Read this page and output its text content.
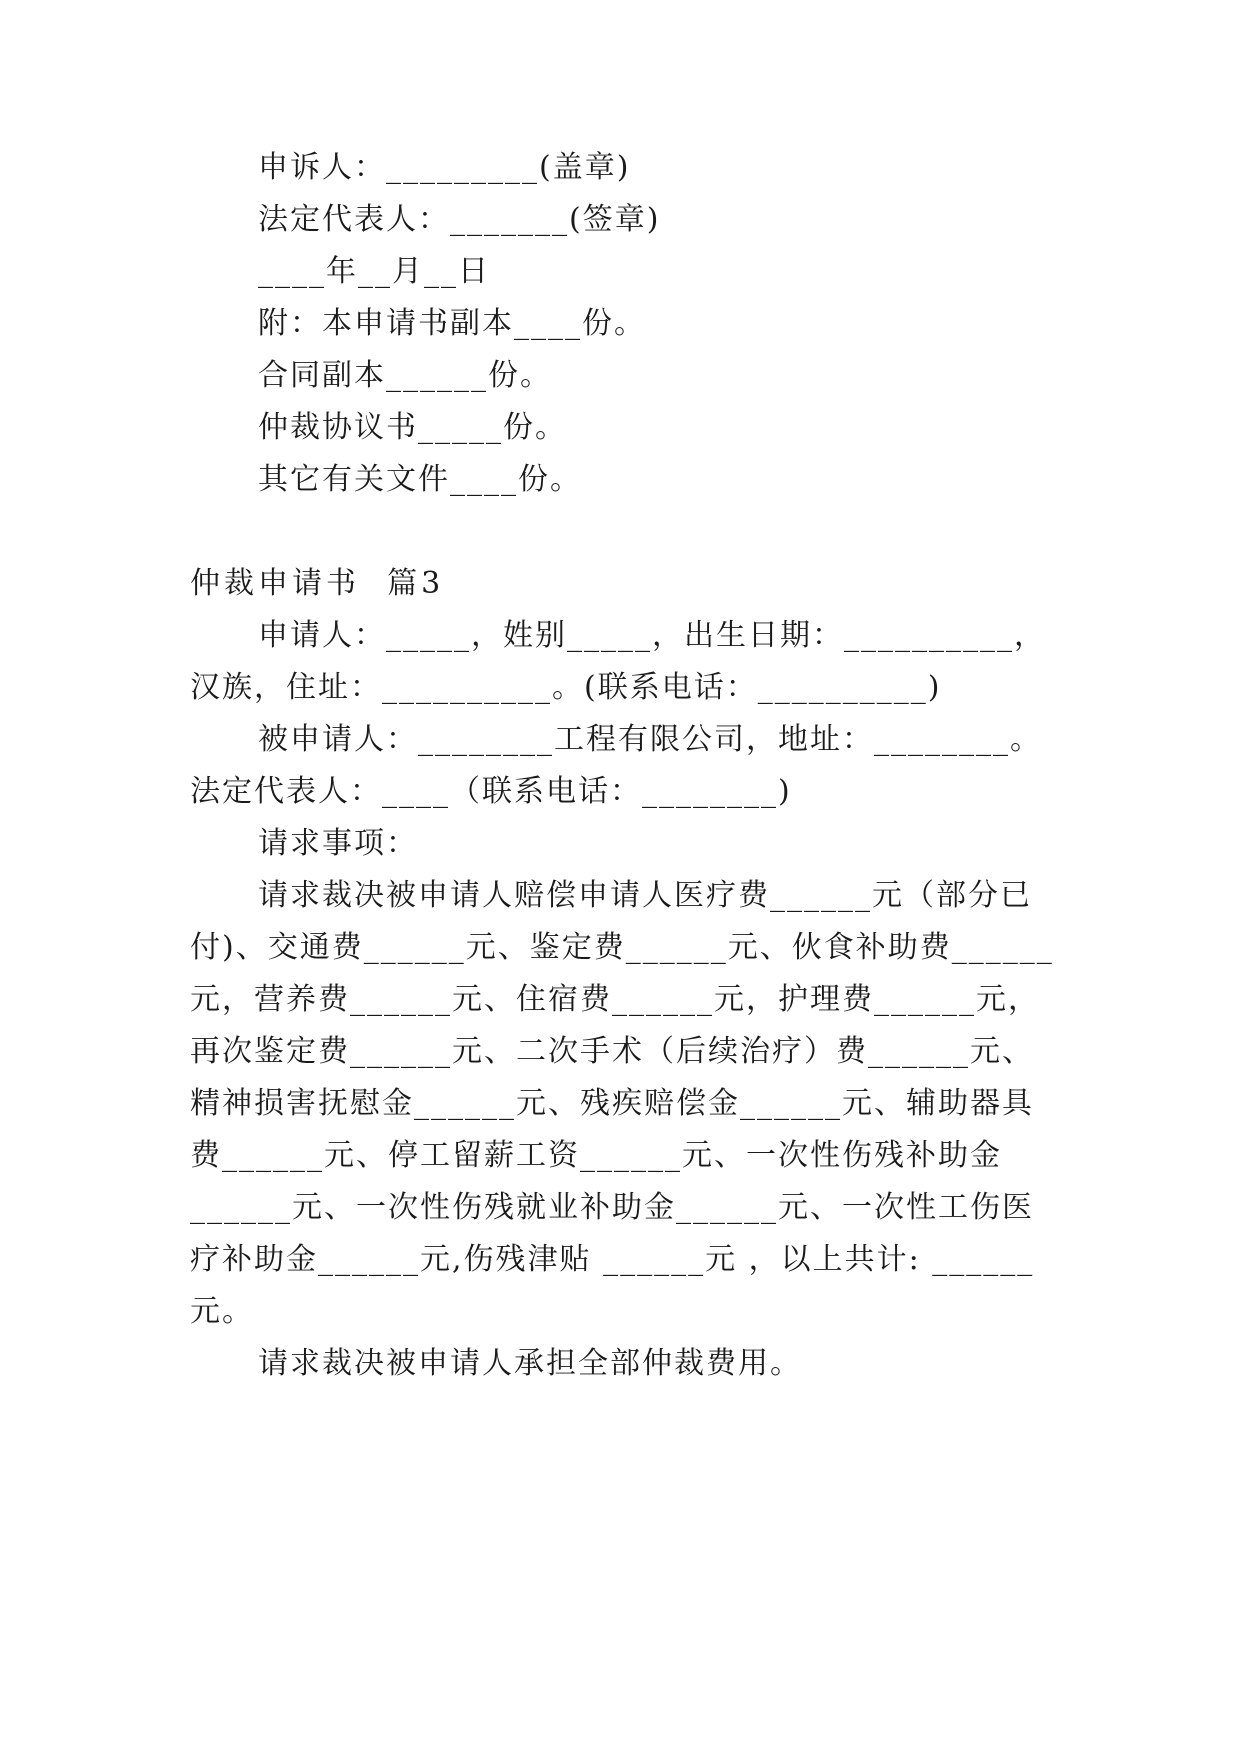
申诉人：_________(盖章)
法定代表人：_______(签章)
____年__月__日
附：本申请书副本____份。
合同副本______份。
仲裁协议书_____份。
其它有关文件____份。
仲裁申请书  篇3
申请人：_____，姓别_____，出生日期：__________，
汉族，住址：__________。(联系电话：__________)
被申请人：________工程有限公司，地址：________。
法定代表人：____（联系电话：________)
请求事项：
请求裁决被申请人赔偿申请人医疗费______元（部分已
付)、交通费______元、鉴定费______元、伙食补助费______
元，营养费______元、住宿费______元，护理费______元，
再次鉴定费______元、二次手术（后续治疗）费______元、
精神损害抚慰金______元、残疾赔偿金______元、辅助器具
费______元、停工留薪工资______元、一次性伤残补助金
______元、一次性伤残就业补助金______元、一次性工伤医
疗补助金______元,伤残津贴 ______元 ，以上共计: ______
元。
请求裁决被申请人承担全部仲裁费用。
